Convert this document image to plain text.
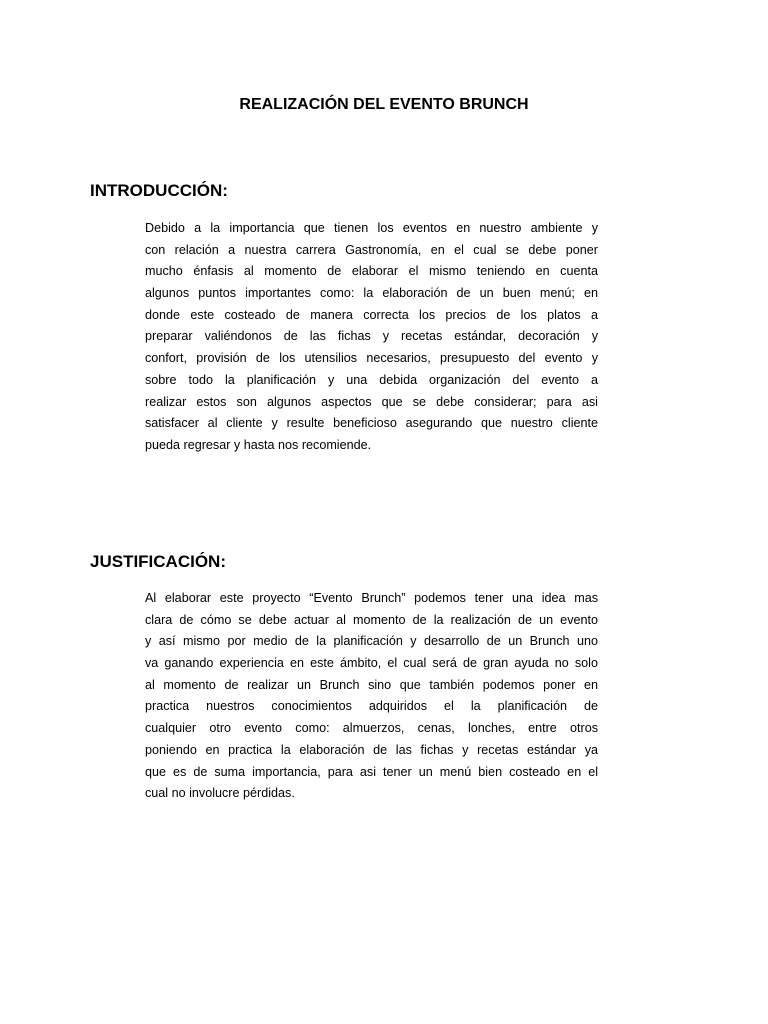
REALIZACIÓN DEL EVENTO BRUNCH
INTRODUCCIÓN:
Debido a la importancia que tienen los eventos en nuestro ambiente y
con relación a nuestra carrera Gastronomía, en el cual se debe poner
mucho énfasis al momento de elaborar el mismo teniendo en cuenta
algunos puntos importantes como: la elaboración de un buen menú; en
donde este costeado de manera correcta los precios de los platos a
preparar valiéndonos de las fichas y recetas estándar, decoración y
confort, provisión de los utensilios necesarios, presupuesto del evento y
sobre todo la planificación y una debida organización del evento a
realizar estos son algunos aspectos que se debe considerar; para asi
satisfacer al cliente y resulte beneficioso asegurando que nuestro cliente
pueda regresar y hasta nos recomiende.
JUSTIFICACIÓN:
Al elaborar este proyecto “Evento Brunch” podemos tener una idea mas
clara de cómo se debe actuar al momento de la realización de un evento
y así mismo por medio de la planificación y desarrollo de un Brunch uno
va ganando experiencia en este ámbito, el cual será de gran ayuda no solo
al momento de realizar un Brunch sino que también podemos poner en
practica nuestros conocimientos adquiridos el la planificación de
cualquier otro evento como: almuerzos, cenas, lonches, entre otros
poniendo en practica la elaboración de las fichas y recetas estándar ya
que es de suma importancia, para asi tener un menú bien costeado en el
cual no involucre pérdidas.
